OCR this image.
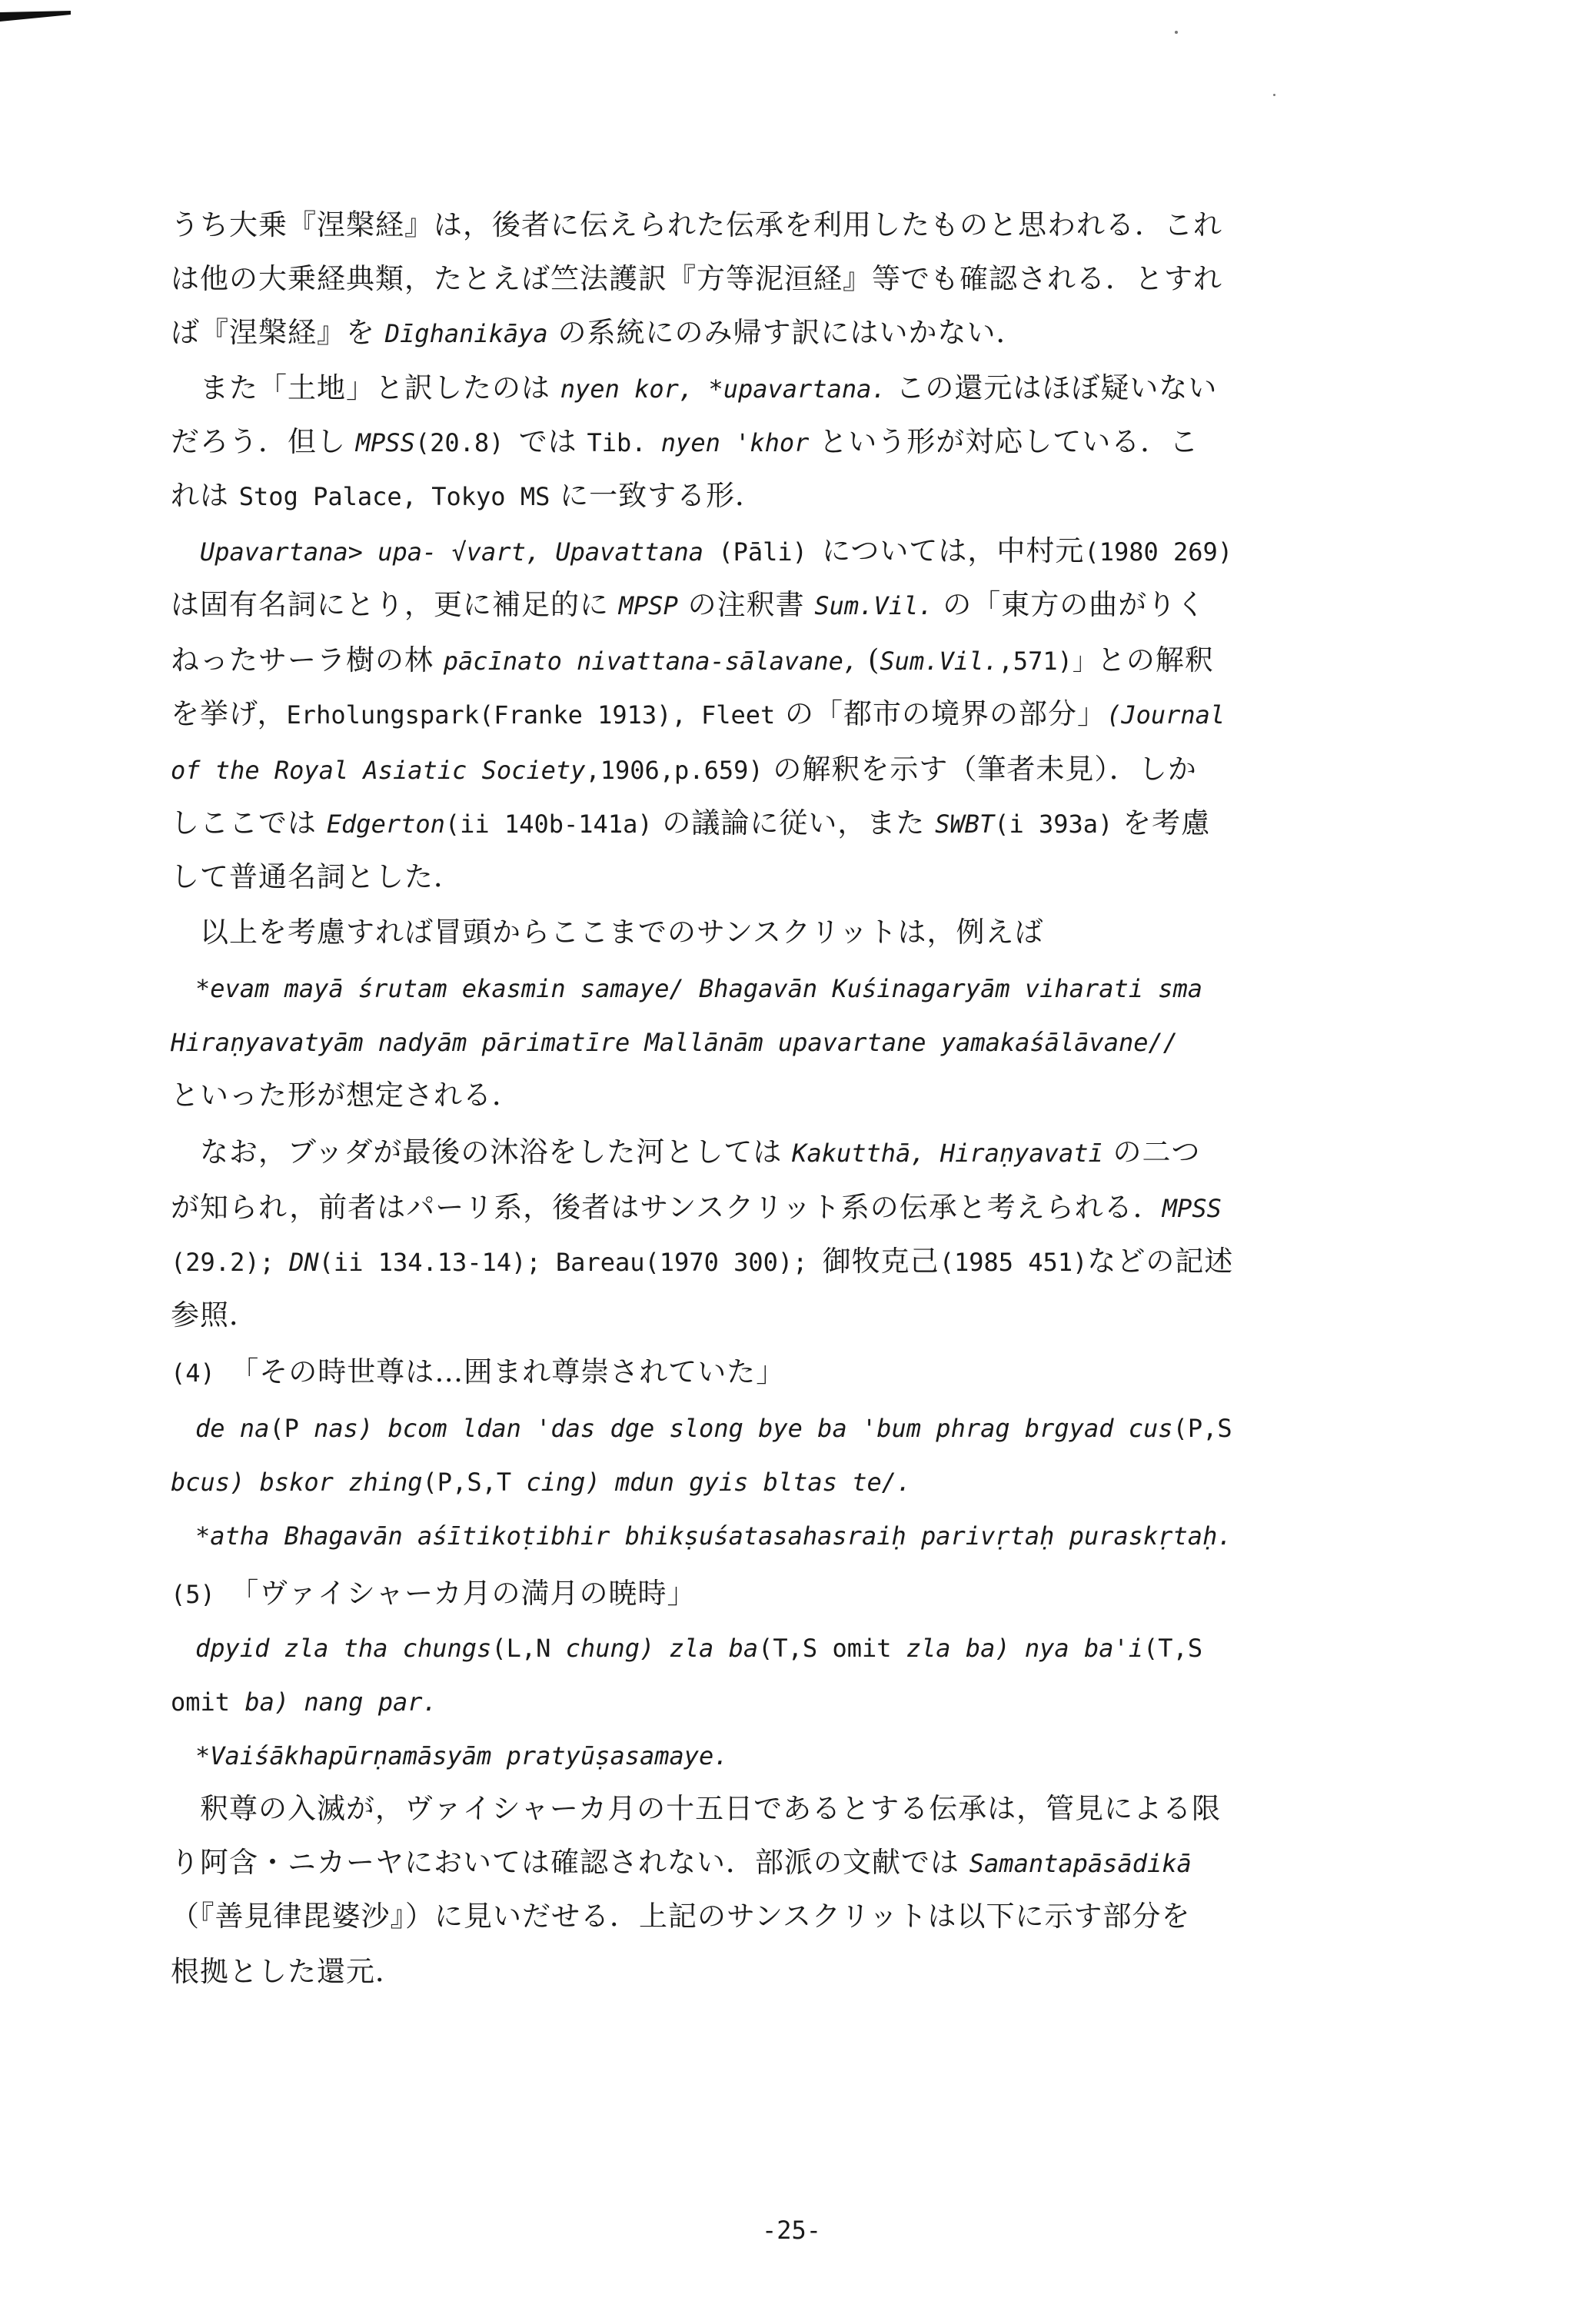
うち大乗『涅槃経』は，後者に伝えられた伝承を利用したものと思われる．これ
は他の大乗経典類，たとえば竺法護訳『方等泥洹経』等でも確認される．とすれ
ば『涅槃経』を Dīghanikāya の系統にのみ帰す訳にはいかない．
　また「土地」と訳したのは nyen kor, *upavartana. この還元はほぼ疑いない
だろう．但し MPSS(20.8) では Tib. nyen 'khor という形が対応している．こ
れは Stog Palace, Tokyo MS に一致する形．
　Upavartana> upa- √vart, Upavattana (Pāli) については，中村元(1980 269)
は固有名詞にとり，更に補足的に MPSP の注釈書 Sum.Vil. の「東方の曲がりく
ねったサーラ樹の林 pācīnato nivattana-sālavane, (Sum.Vil.,571)」との解釈
を挙げ，Erholungspark(Franke 1913), Fleet の「都市の境界の部分」(Journal
of the Royal Asiatic Society,1906,p.659) の解釈を示す（筆者未見）．しか
しここでは Edgerton(ii 140b-141a) の議論に従い，また SWBT(i 393a) を考慮
して普通名詞とした．
　以上を考慮すれば冒頭からここまでのサンスクリットは，例えば
　*evam mayā śrutam ekasmin samaye/ Bhagavān Kuśinagaryām viharati sma
Hiraṇyavatyām nadyām pārimatīre Mallānām upavartane yamakaśālāvane//
といった形が想定される．
　なお，ブッダが最後の沐浴をした河としては Kakutthā, Hiraṇyavatī の二つ
が知られ，前者はパーリ系，後者はサンスクリット系の伝承と考えられる．MPSS
(29.2); DN(ii 134.13-14); Bareau(1970 300); 御牧克己(1985 451)などの記述
参照．
(4)　「その時世尊は…囲まれ尊崇されていた」
　de na(P nas) bcom ldan 'das dge slong bye ba 'bum phrag brgyad cus(P,S
bcus) bskor zhing(P,S,T cing) mdun gyis bltas te/.
　*atha Bhagavān aśītikoṭibhir bhikṣuśatasahasraiḥ parivṛtaḥ puraskṛtaḥ.
(5)　「ヴァイシャーカ月の満月の暁時」
　dpyid zla tha chungs(L,N chung) zla ba(T,S omit zla ba) nya ba'i(T,S
omit ba) nang par.
　*Vaiśākhapūrṇamāsyām pratyūṣasamaye.
　釈尊の入滅が，ヴァイシャーカ月の十五日であるとする伝承は，管見による限
り阿含・ニカーヤにおいては確認されない．部派の文献では Samantapāsādikā
（『善見律毘婆沙』）に見いだせる．上記のサンスクリットは以下に示す部分を
根拠とした還元．
-25-
